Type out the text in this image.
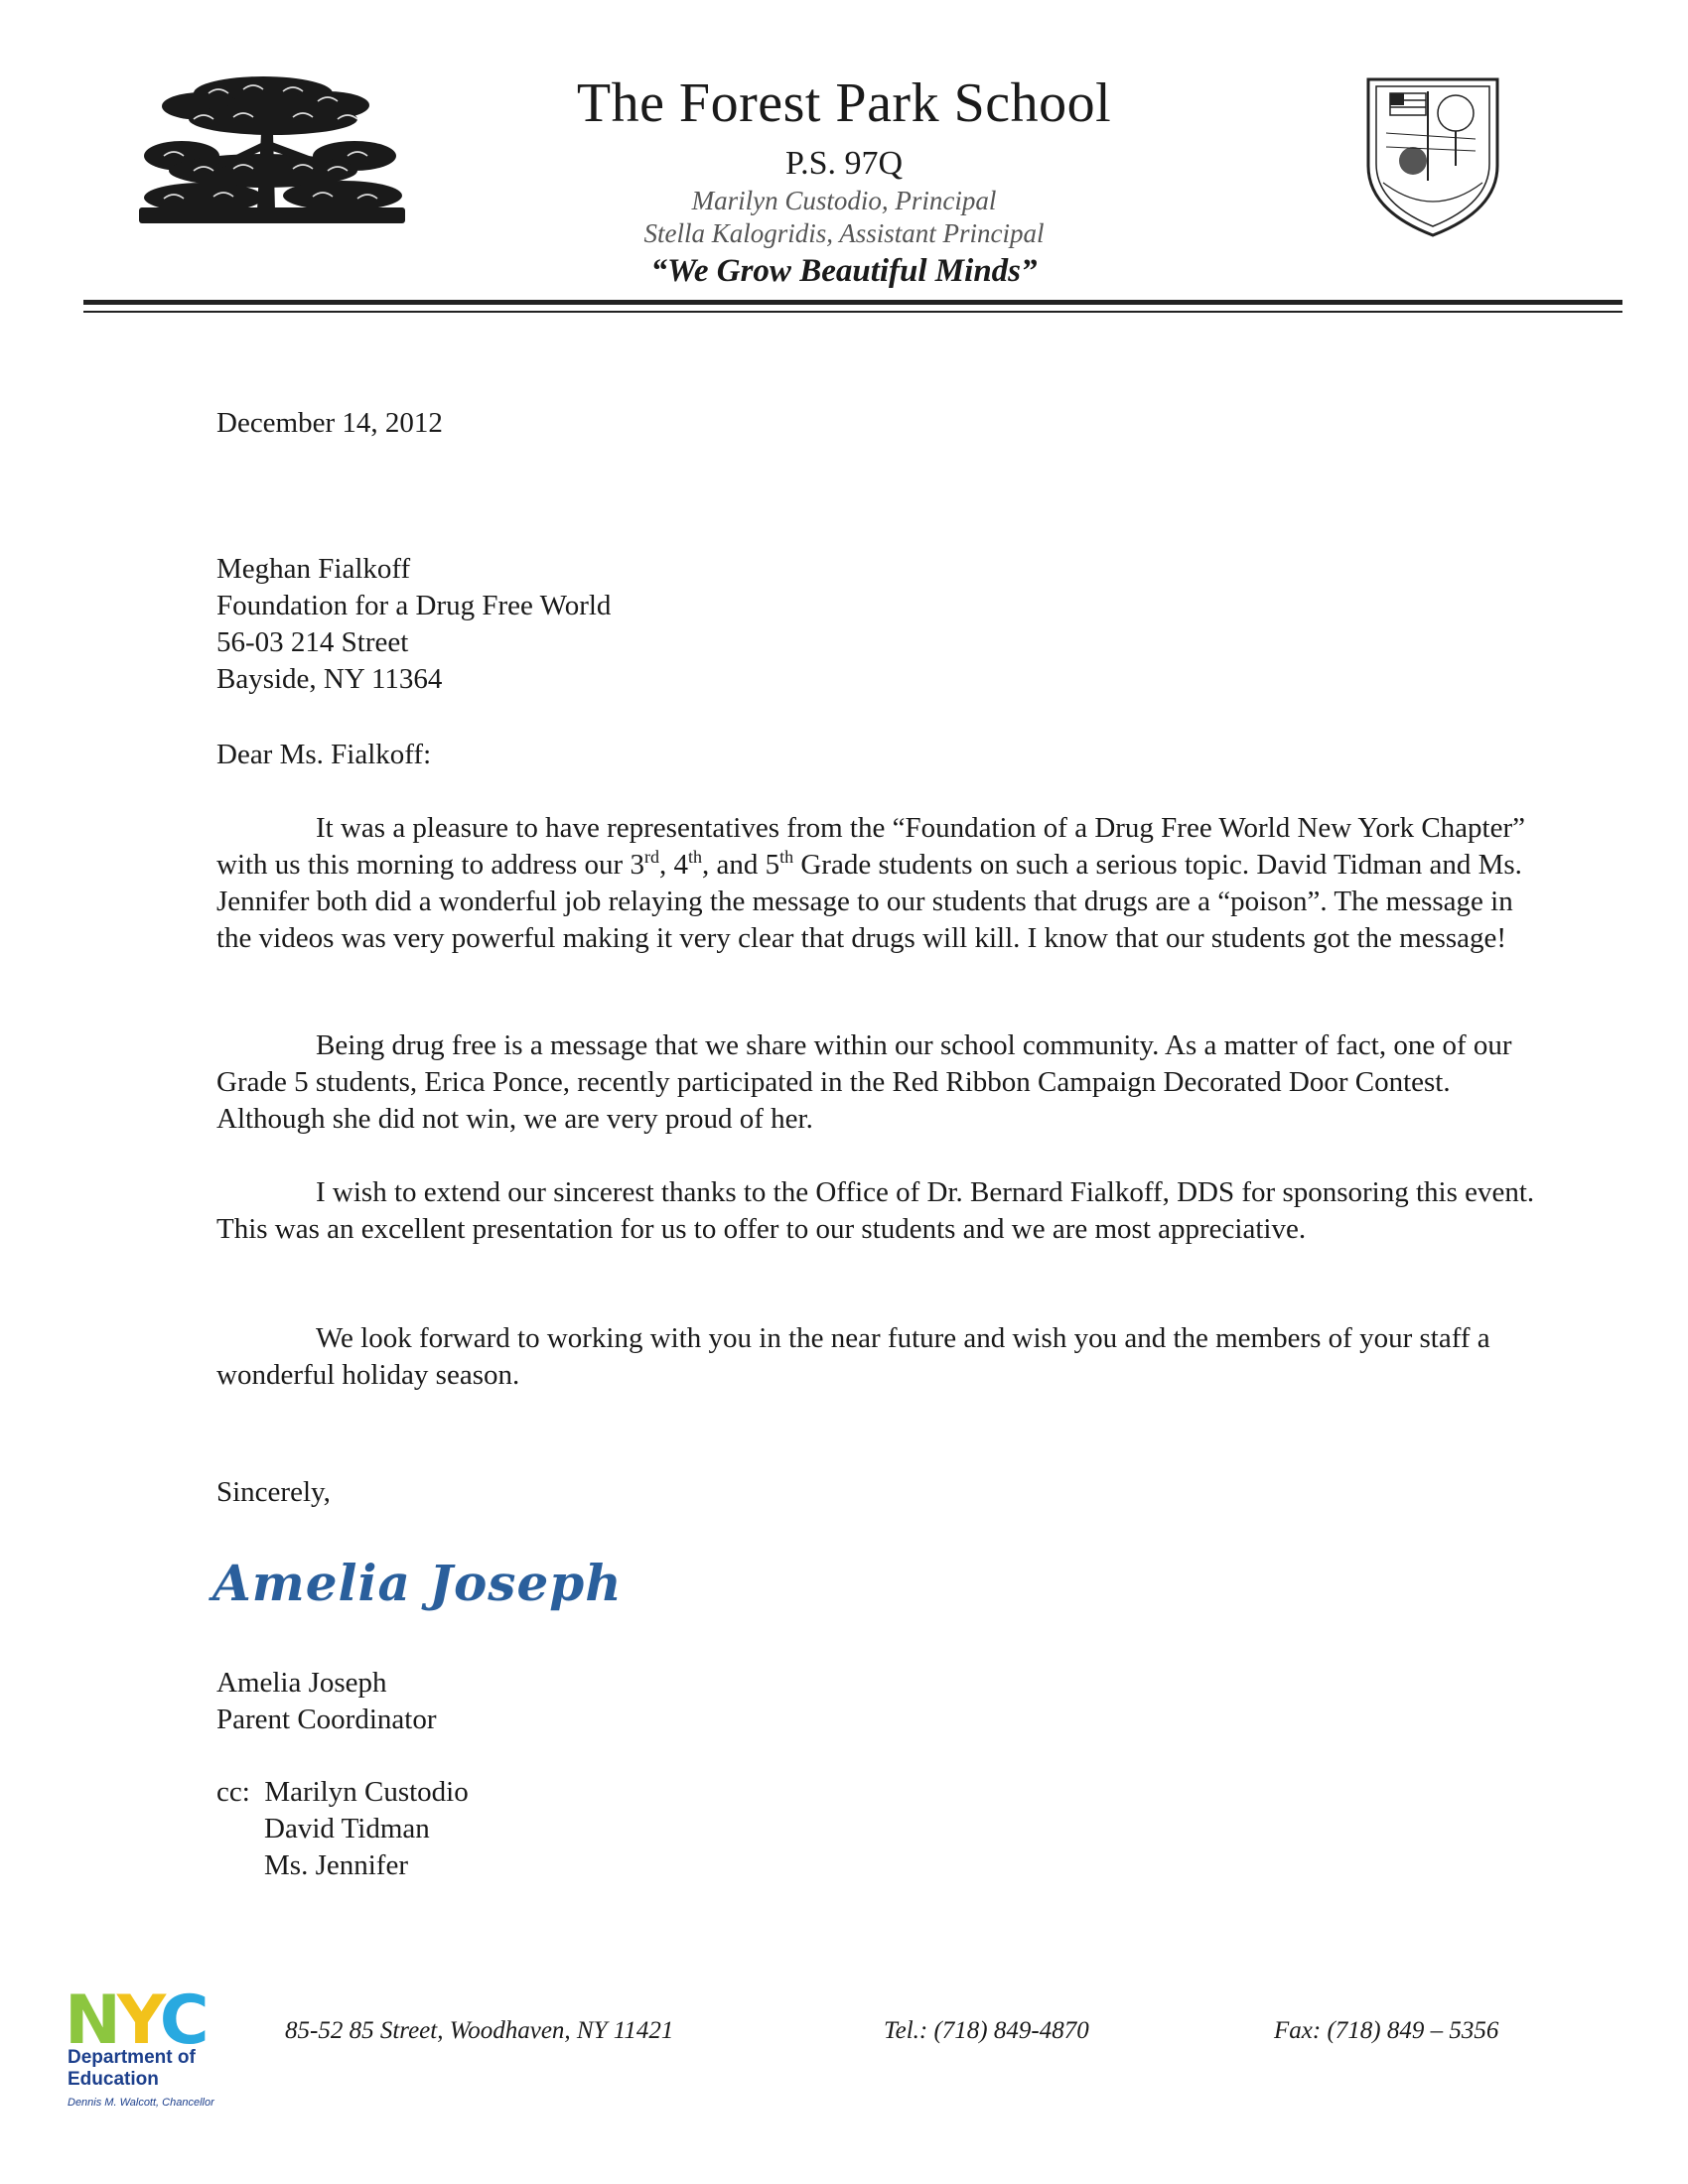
The Forest Park School
P.S. 97Q
Marilyn Custodio, Principal
Stella Kalogridis, Assistant Principal
“We Grow Beautiful Minds”
December 14, 2012
Meghan Fialkoff
Foundation for a Drug Free World
56-03 214 Street
Bayside, NY 11364
Dear Ms. Fialkoff:

It was a pleasure to have representatives from the “Foundation of a Drug Free World New York Chapter” with us this morning to address our 3rd, 4th, and 5th Grade students on such a serious topic. David Tidman and Ms. Jennifer both did a wonderful job relaying the message to our students that drugs are a “poison”. The message in the videos was very powerful making it very clear that drugs will kill. I know that our students got the message!

Being drug free is a message that we share within our school community. As a matter of fact, one of our Grade 5 students, Erica Ponce, recently participated in the Red Ribbon Campaign Decorated Door Contest. Although she did not win, we are very proud of her.

I wish to extend our sincerest thanks to the Office of Dr. Bernard Fialkoff, DDS for sponsoring this event. This was an excellent presentation for us to offer to our students and we are most appreciative.

We look forward to working with you in the near future and wish you and the members of your staff a wonderful holiday season.

Sincerely,
Amelia Joseph
Amelia Joseph
Parent Coordinator
cc: Marilyn Custodio
David Tidman
Ms. Jennifer
NYC
Department of
Education
Dennis M. Walcott, Chancellor
85-52 85 Street, Woodhaven, NY 11421	Tel.: (718) 849-4870	Fax: (718) 849 – 5356
